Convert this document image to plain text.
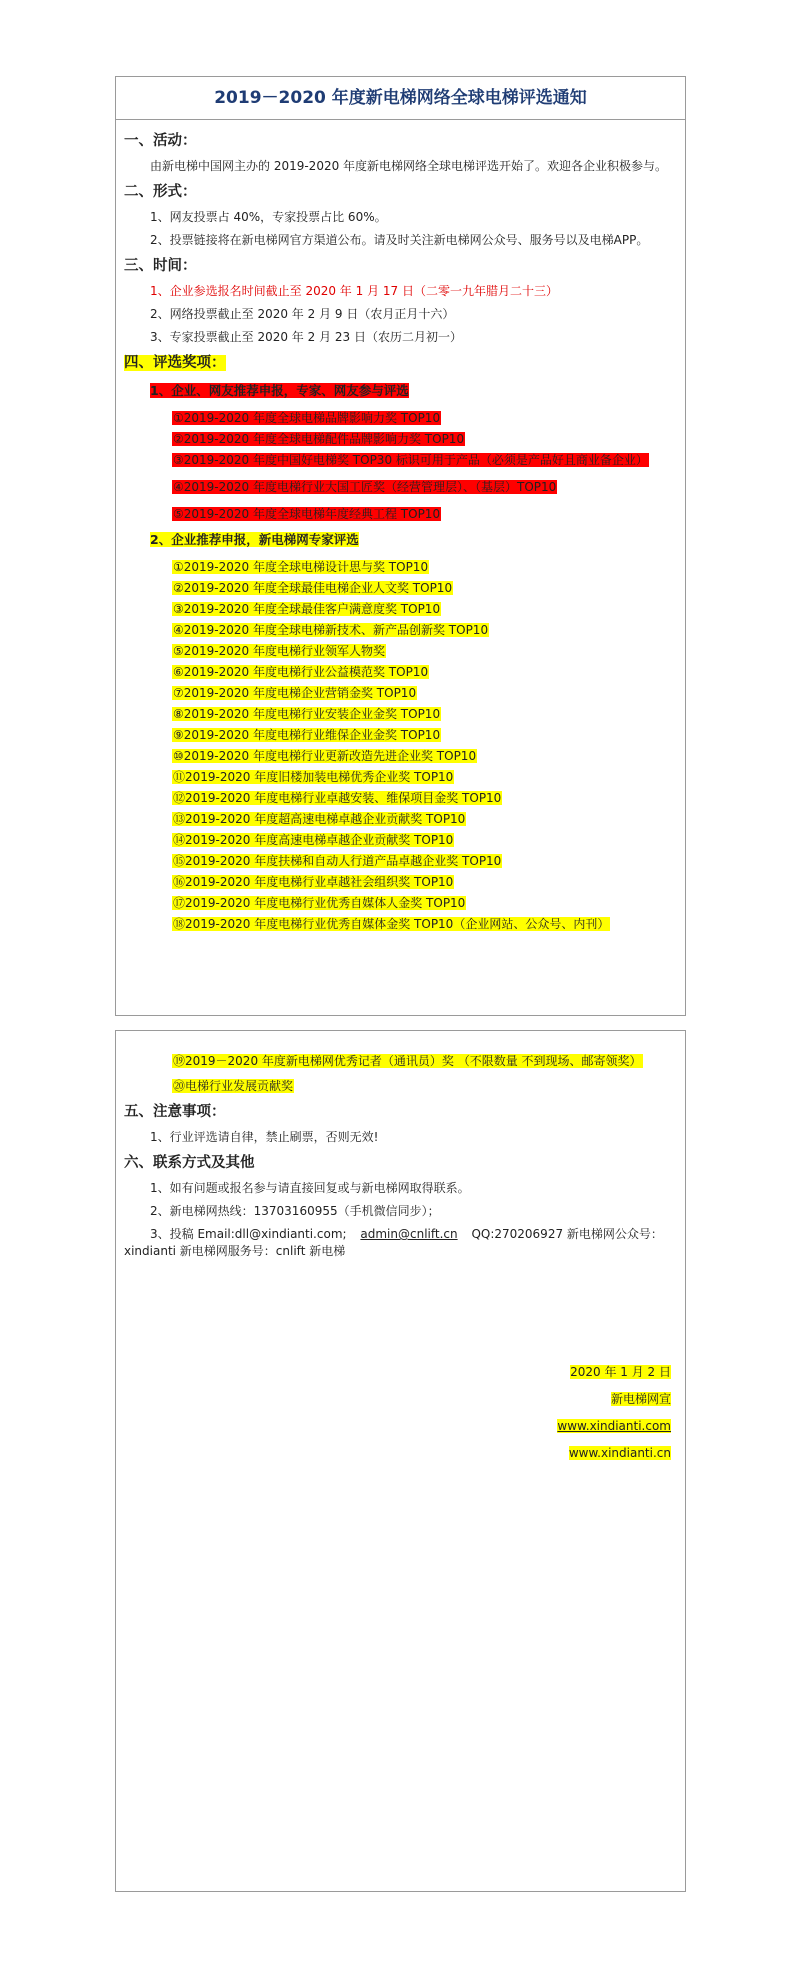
2019－2020 年度新电梯网络全球电梯评选通知
一、活动：
由新电梯中国网主办的 2019-2020 年度新电梯网络全球电梯评选开始了。欢迎各企业积极参与。
二、形式：
1、网友投票占 40%，专家投票占比 60%。
2、投票链接将在新电梯网官方渠道公布。请及时关注新电梯网公众号、服务号以及电梯APP。
三、时间：
1、企业参选报名时间截止至 2020 年 1 月 17 日（二零一九年腊月二十三）
2、网络投票截止至 2020 年 2 月 9 日（农月正月十六）
3、专家投票截止至 2020 年 2 月 23 日（农历二月初一）
四、评选奖项：
1、企业、网友推荐申报，专家、网友参与评选
①2019-2020 年度全球电梯品牌影响力奖 TOP10
②2019-2020 年度全球电梯配件品牌影响力奖 TOP10
③2019-2020 年度中国好电梯奖 TOP30 标识可用于产品（必须是产品好且商业备企业）
④2019-2020 年度电梯行业大国工匠奖（经营管理层）、（基层）TOP10
⑤2019-2020 年度全球电梯年度经典工程 TOP10
2、企业推荐申报，新电梯网专家评选
①2019-2020 年度全球电梯设计思与奖 TOP10
②2019-2020 年度全球最佳电梯企业人文奖 TOP10
③2019-2020 年度全球最佳客户满意度奖 TOP10
④2019-2020 年度全球电梯新技术、新产品创新奖 TOP10
⑤2019-2020 年度电梯行业领军人物奖
⑥2019-2020 年度电梯行业公益模范奖 TOP10
⑦2019-2020 年度电梯企业营销金奖 TOP10
⑧2019-2020 年度电梯行业安装企业金奖 TOP10
⑨2019-2020 年度电梯行业维保企业金奖 TOP10
⑩2019-2020 年度电梯行业更新改造先进企业奖 TOP10
⑪2019-2020 年度旧楼加装电梯优秀企业奖 TOP10
⑫2019-2020 年度电梯行业卓越安装、维保项目金奖 TOP10
⑬2019-2020 年度超高速电梯卓越企业贡献奖 TOP10
⑭2019-2020 年度高速电梯卓越企业贡献奖 TOP10
⑮2019-2020 年度扶梯和自动人行道产品卓越企业奖 TOP10
⑯2019-2020 年度电梯行业卓越社会组织奖 TOP10
⑰2019-2020 年度电梯行业优秀自媒体人金奖 TOP10
⑱2019-2020 年度电梯行业优秀自媒体金奖 TOP10（企业网站、公众号、内刊）
⑲2019－2020 年度新电梯网优秀记者（通讯员）奖 （不限数量 不到现场、邮寄领奖）
⑳电梯行业发展贡献奖
五、注意事项：
1、行业评选请自律，禁止刷票，否则无效!
六、联系方式及其他
1、如有问题或报名参与请直接回复或与新电梯网取得联系。
2、新电梯网热线：13703160955（手机微信同步）；
3、投稿 Email:dll@xindianti.com; admin@cnlift.cn QQ:270206927 新电梯网公众号：xindianti 新电梯网服务号：cnlift 新电梯
2020 年 1 月 2 日
新电梯网宣
www.xindianti.com
www.xindianti.cn
